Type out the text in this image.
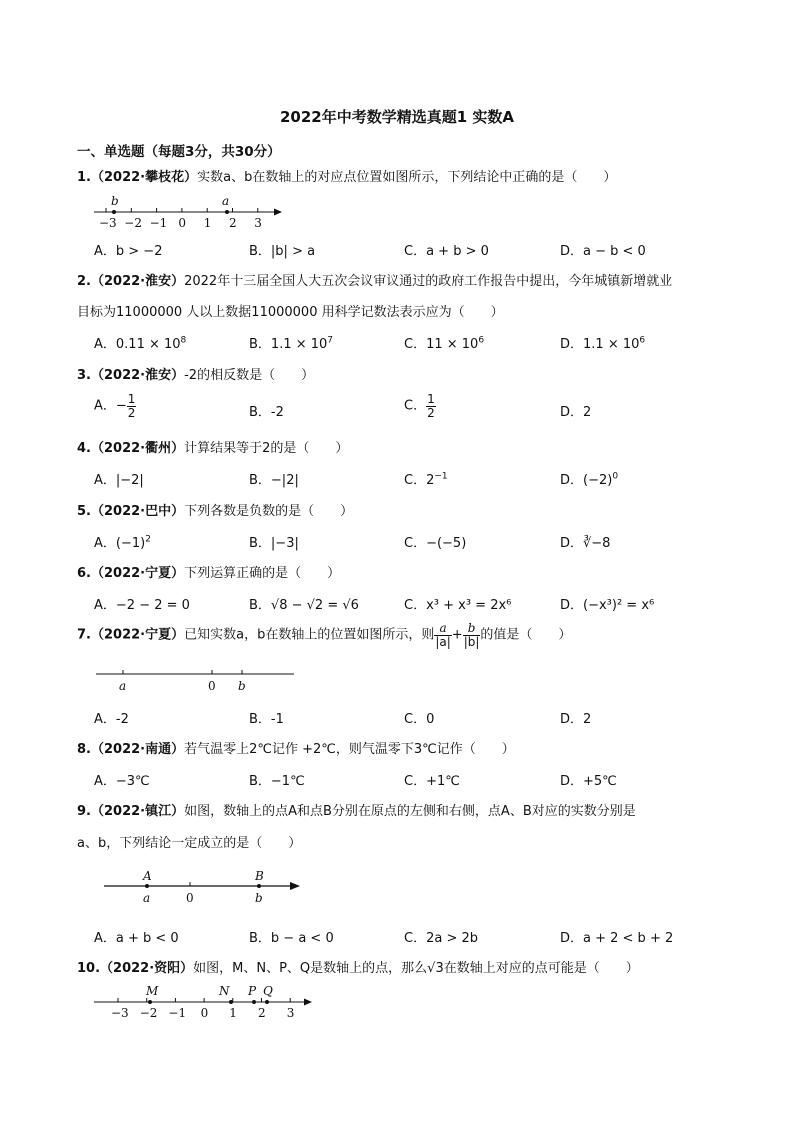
2022年中考数学精选真题1 实数A
一、单选题（每题3分，共30分）
1.（2022·攀枝花）实数a、b在数轴上的对应点位置如图所示，下列结论中正确的是（　　）
−3 −2 −1 0 1 2 3
b	a
A．b > −2	B．|b| > a	C．a + b > 0	D．a − b < 0
2.（2022·淮安）2022年十三届全国人大五次会议审议通过的政府工作报告中提出，今年城镇新增就业
目标为11000000 人以上数据11000000 用科学记数法表示应为（　　）
A．$0.11 \times 10^8$	B．$1.1 \times 10^7$	C．$11 \times 10^6$	D．$1.1 \times 10^6$
3.（2022·淮安）-2的相反数是（　　）
A．− $\frac{1}{2}$	B．-2	C． $\frac{1}{2}$	D．2
4.（2022·衢州）计算结果等于2的是（　　）
A．|−2|	B．−|2|	C．$2^{-1}$	D．$(-2)^0$
5.（2022·巴中）下列各数是负数的是（　　）
A．$(-1)^2$	B．|−3|	C．−(−5)	D．∛−8
6.（2022·宁夏）下列运算正确的是（　　）
A．−2 − 2 = 0	B．√8 − √2 = √6	C．x³ + x³ = 2x⁶	D．(−x³)² = x⁶
7.（2022·宁夏）已知实数a，b在数轴上的位置如图所示，则 $\frac{a}{|a|} + \frac{b}{|b|}$ 的值是（　　）
a	0 b
A．-2	B．-1	C．0	D．2
8.（2022·南通）若气温零上2℃记作 +2℃，则气温零下3℃记作（　　）
A．−3℃	B．−1℃	C．+1℃	D．+5℃
9.（2022·镇江）如图，数轴上的点A和点B分别在原点的左侧和右侧，点A、B对应的实数分别是
a、b，下列结论一定成立的是（　　）
A	B
a	0	b
A．a + b < 0	B．b − a < 0	C．2a > 2b	D．a + 2 < b + 2
10.（2022·资阳）如图，M、N、P、Q是数轴上的点，那么√3在数轴上对应的点可能是（　　）
−3 −2 −1 0 1 2 3
M	N P Q
